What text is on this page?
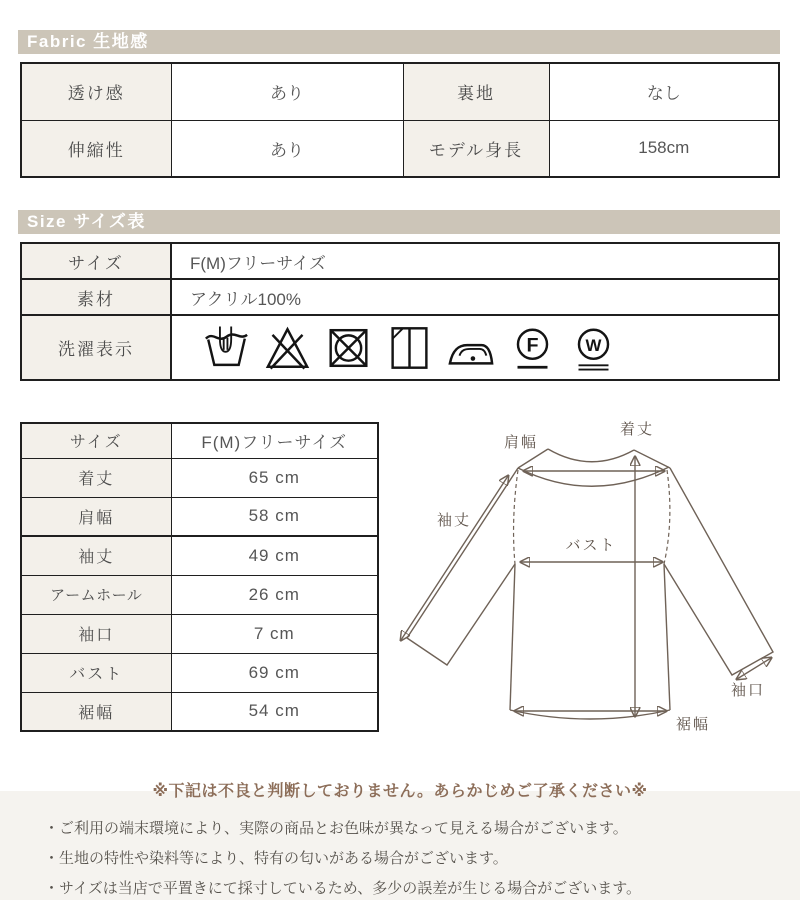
Fabric 生地感
透け感	あり	裏地	なし
伸縮性	あり	モデル身長	158cm
Size サイズ表
サイズ	F(M)フリーサイズ
素材	アクリル100%
洗濯表示	F W
サイズ	F(M)フリーサイズ
着丈	65 cm
肩幅	58 cm
袖丈	49 cm
アームホール	26 cm
袖口	7 cm
バスト	69 cm
裾幅	54 cm
肩幅
着丈
袖丈
バスト
袖口
裾幅
※下記は不良と判断しておりません。あらかじめご了承ください※
・ご利用の端末環境により、実際の商品とお色味が異なって見える場合がございます。
・生地の特性や染料等により、特有の匂いがある場合がございます。
・サイズは当店で平置きにて採寸しているため、多少の誤差が生じる場合がございます。
